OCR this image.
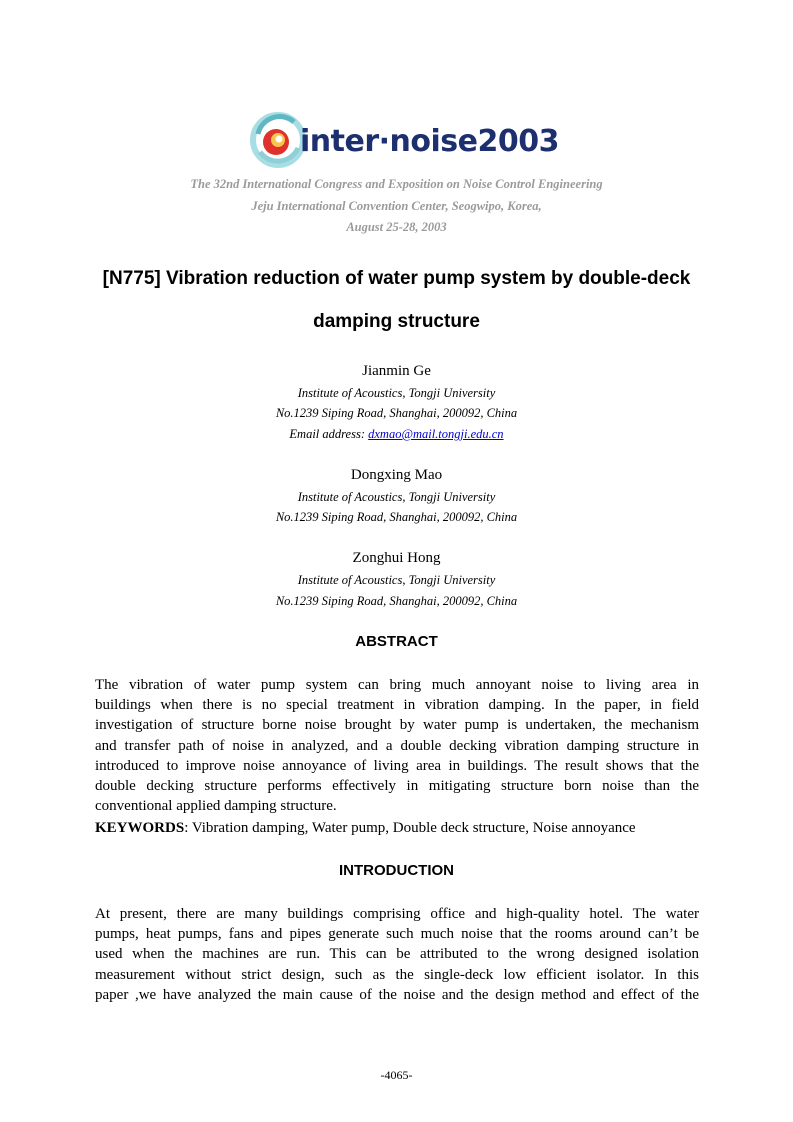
inter·noise2003
The 32nd International Congress and Exposition on Noise Control Engineering
Jeju International Convention Center, Seogwipo, Korea,
August 25-28, 2003
[N775] Vibration reduction of water pump system by double-deck
damping structure
Jianmin Ge
Institute of Acoustics, Tongji University
No.1239 Siping Road, Shanghai, 200092, China
Email address: dxmao@mail.tongji.edu.cn
Dongxing Mao
Institute of Acoustics, Tongji University
No.1239 Siping Road, Shanghai, 200092, China
Zonghui Hong
Institute of Acoustics, Tongji University
No.1239 Siping Road, Shanghai, 200092, China
ABSTRACT
The vibration of water pump system can bring much annoyant noise to living area in
buildings when there is no special treatment in vibration damping. In the paper, in field
investigation of structure borne noise brought by water pump is undertaken, the mechanism
and transfer path of noise in analyzed, and a double decking vibration damping structure in
introduced to improve noise annoyance of living area in buildings. The result shows that the
double decking structure performs effectively in mitigating structure born noise than the
conventional applied damping structure.
KEYWORDS: Vibration damping, Water pump, Double deck structure, Noise annoyance
INTRODUCTION
At present, there are many buildings comprising office and high-quality hotel. The water
pumps, heat pumps, fans and pipes generate such much noise that the rooms around can’t be
used when the machines are run. This can be attributed to the wrong designed isolation
measurement without strict design, such as the single-deck low efficient isolator. In this
paper ,we have analyzed the main cause of the noise and the design method and effect of the
-4065-
